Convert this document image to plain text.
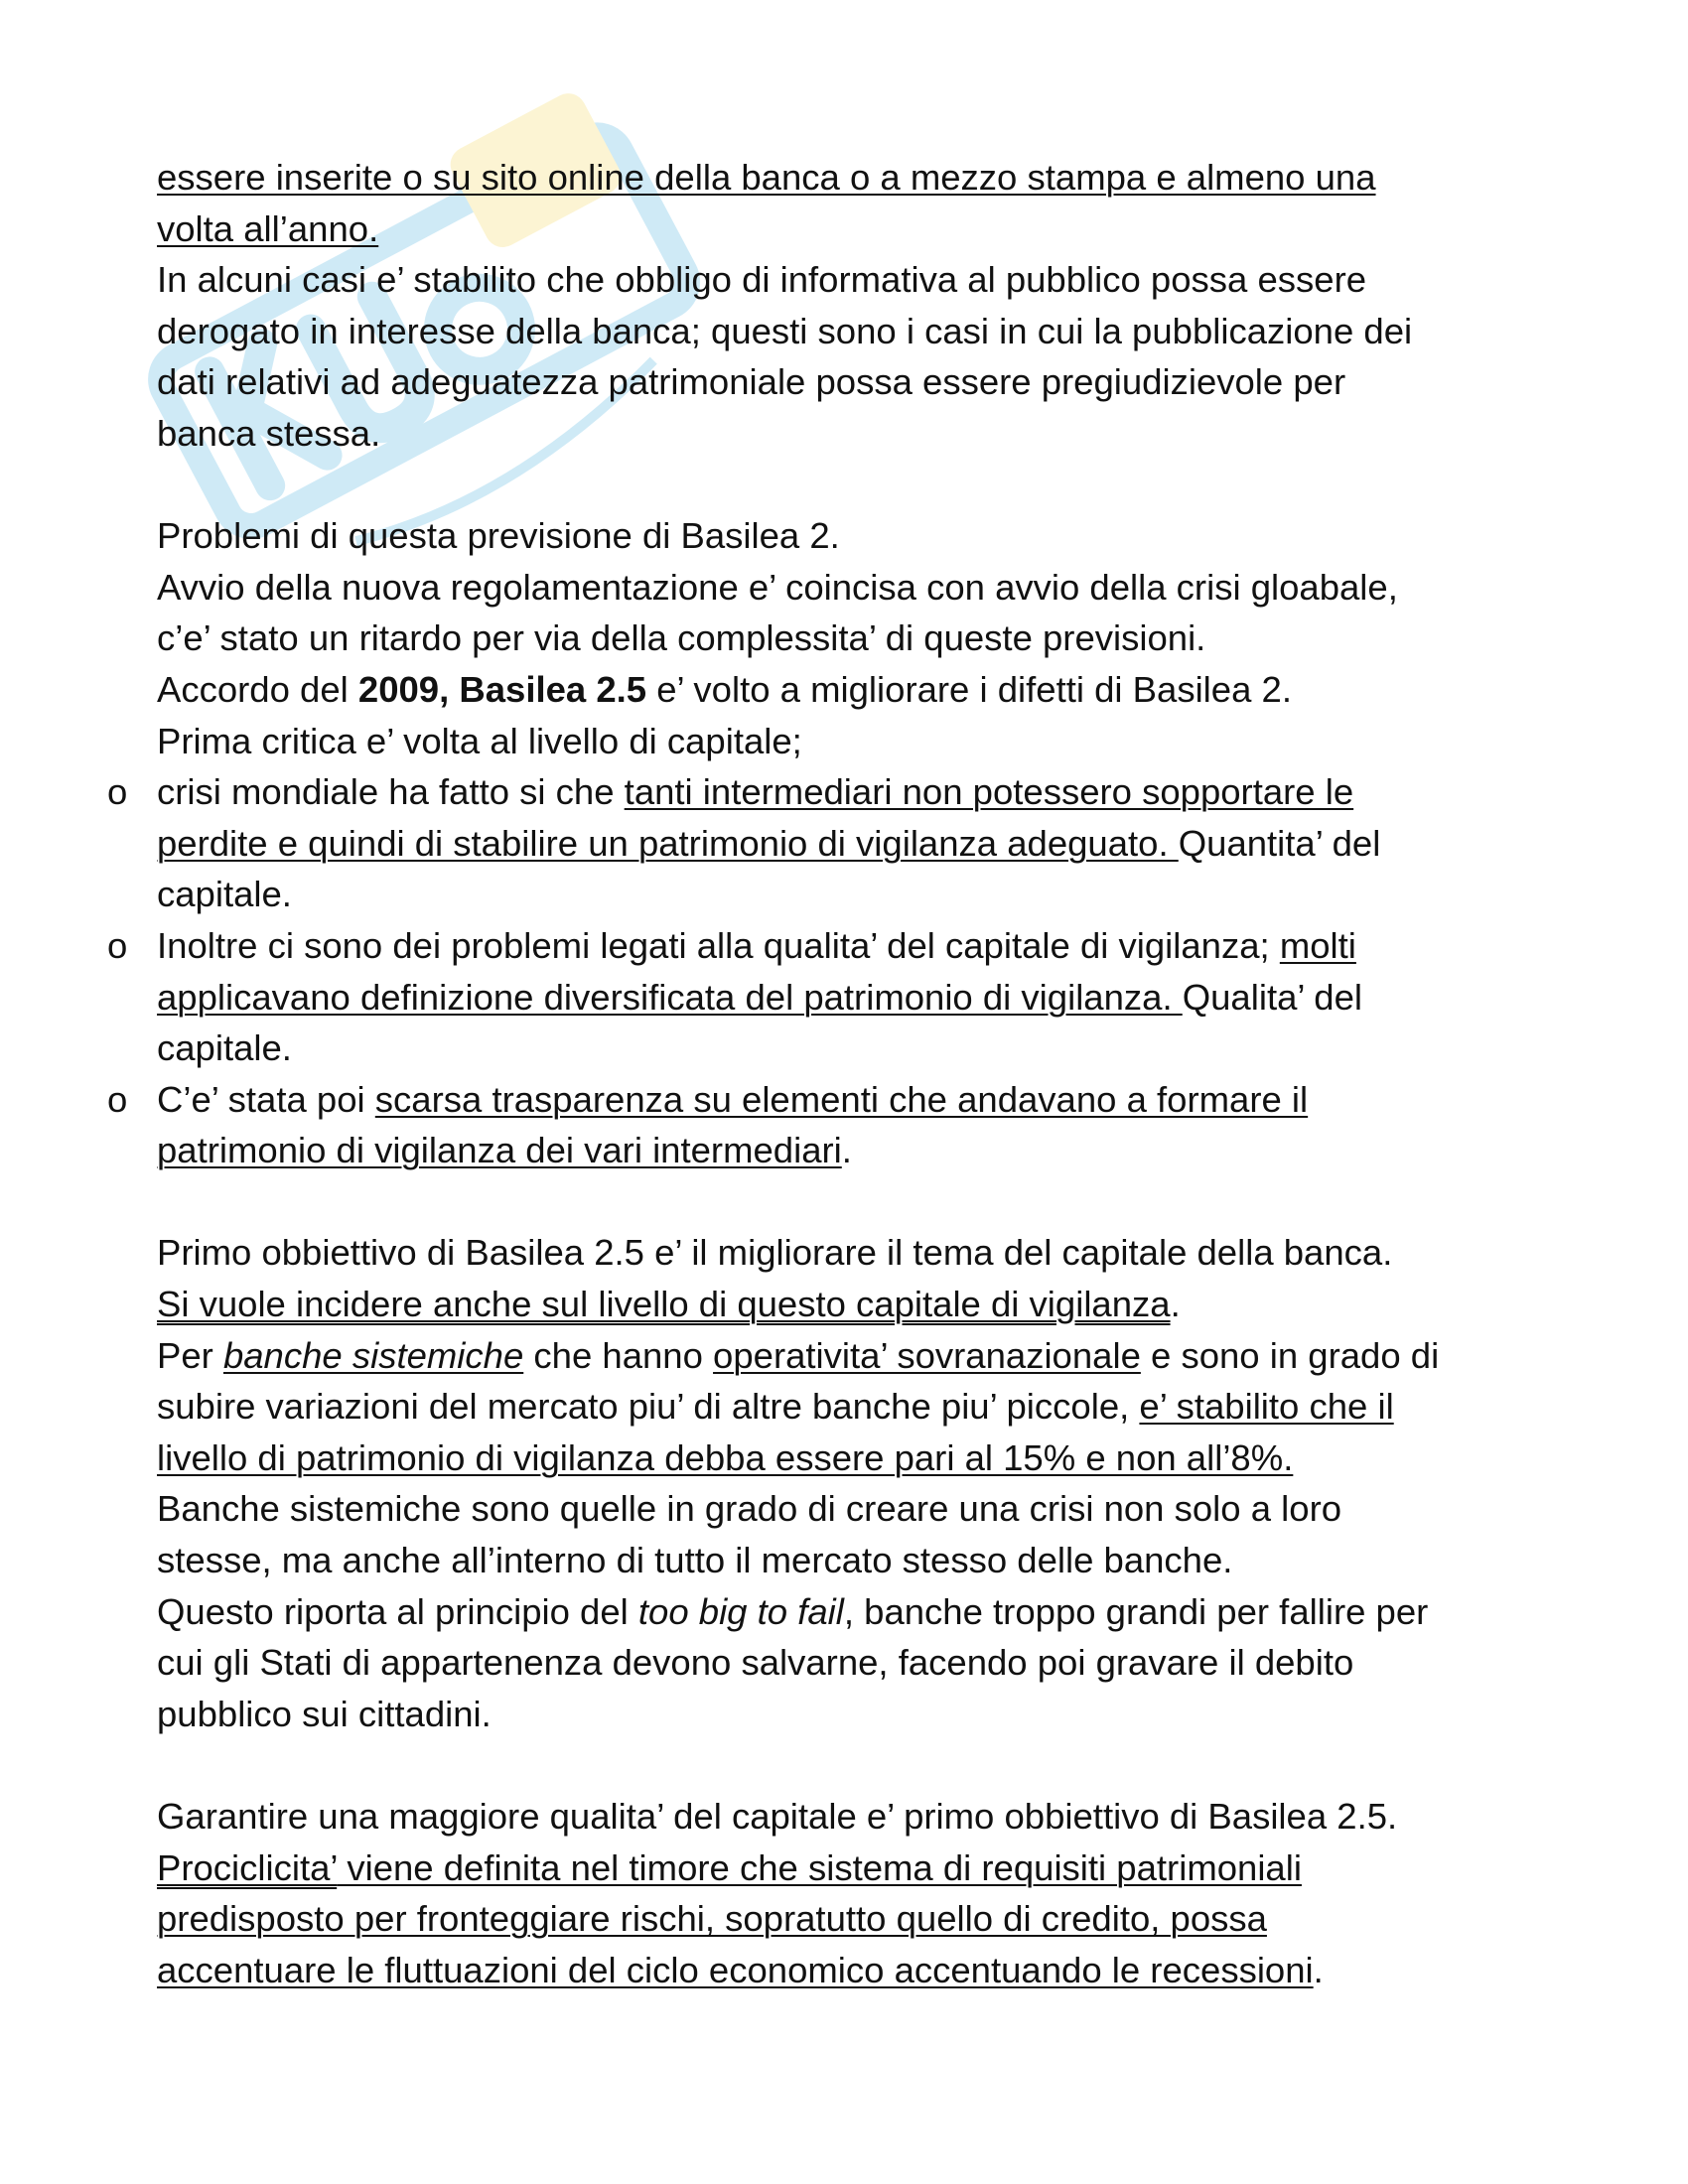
essere inserite o su sito online della banca o a mezzo stampa e almeno una
volta all’anno.
In alcuni casi e’ stabilito che obbligo di informativa al pubblico possa essere
derogato in interesse della banca; questi sono i casi in cui la pubblicazione dei
dati relativi ad adeguatezza patrimoniale possa essere pregiudizievole per
banca stessa.
Problemi di questa previsione di Basilea 2.
Avvio della nuova regolamentazione e’ coincisa con avvio della crisi gloabale,
c’e’ stato un ritardo per via della complessita’ di queste previsioni.
Accordo del 2009, Basilea 2.5 e’ volto a migliorare i difetti di Basilea 2.
Prima critica e’ volta al livello di capitale;
o crisi mondiale ha fatto si che tanti intermediari non potessero sopportare le
perdite e quindi di stabilire un patrimonio di vigilanza adeguato. Quantita’ del
capitale.
o Inoltre ci sono dei problemi legati alla qualita’ del capitale di vigilanza; molti
applicavano definizione diversificata del patrimonio di vigilanza. Qualita’ del
capitale.
o C’e’ stata poi scarsa trasparenza su elementi che andavano a formare il
patrimonio di vigilanza dei vari intermediari.
Primo obbiettivo di Basilea 2.5 e’ il migliorare il tema del capitale della banca.
Si vuole incidere anche sul livello di questo capitale di vigilanza.
Per banche sistemiche che hanno operativita’ sovranazionale e sono in grado di
subire variazioni del mercato piu’ di altre banche piu’ piccole, e’ stabilito che il
livello di patrimonio di vigilanza debba essere pari al 15% e non all’8%.
Banche sistemiche sono quelle in grado di creare una crisi non solo a loro
stesse, ma anche all’interno di tutto il mercato stesso delle banche.
Questo riporta al principio del too big to fail, banche troppo grandi per fallire per
cui gli Stati di appartenenza devono salvarne, facendo poi gravare il debito
pubblico sui cittadini.
Garantire una maggiore qualita’ del capitale e’ primo obbiettivo di Basilea 2.5.
Prociclicita’ viene definita nel timore che sistema di requisiti patrimoniali
predisposto per fronteggiare rischi, sopratutto quello di credito, possa
accentuare le fluttuazioni del ciclo economico accentuando le recessioni.
